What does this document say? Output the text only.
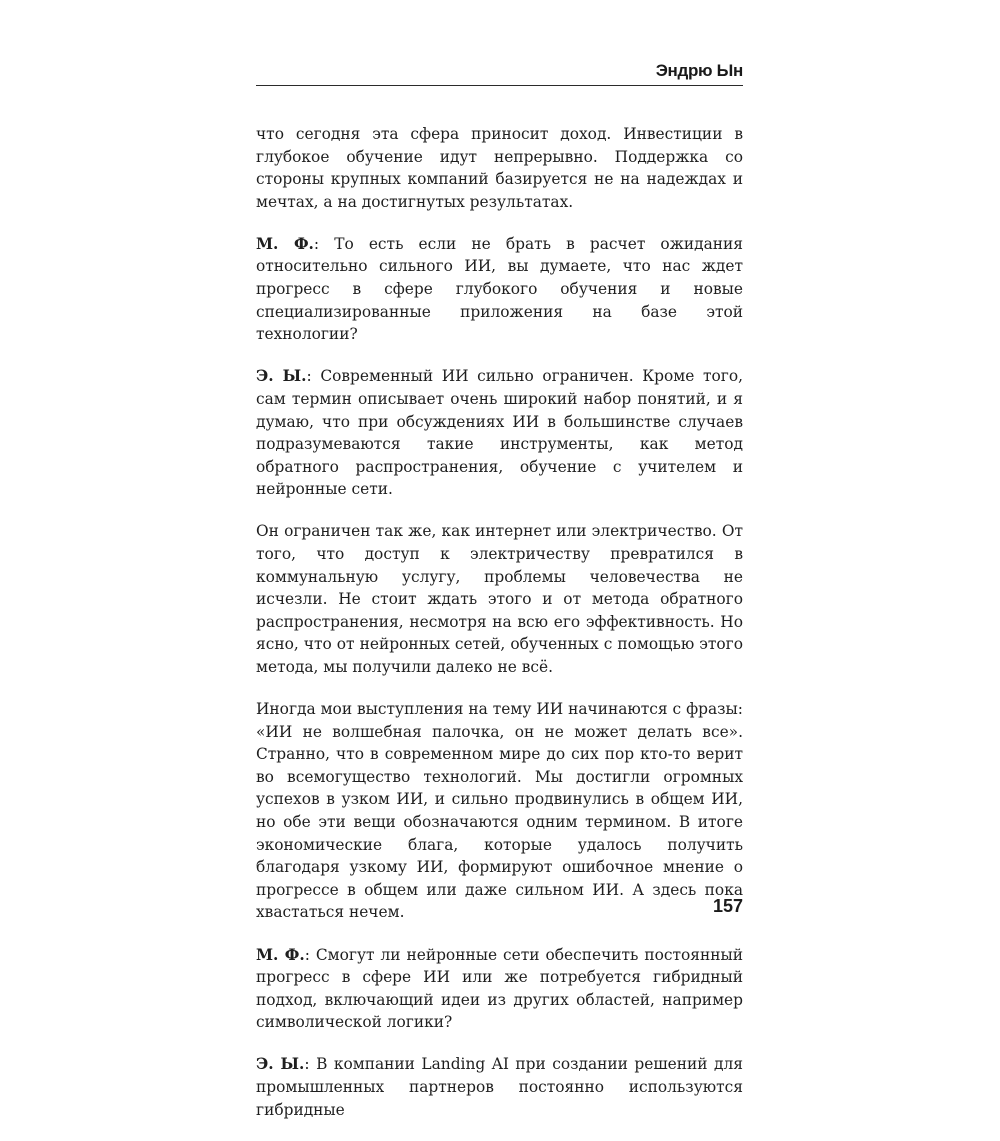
Эндрю Ын

что сегодня эта сфера приносит доход. Инвестиции в глубокое обучение идут непрерывно. Поддержка со стороны крупных компаний базируется не на надеждах и мечтах, а на достигнутых результатах.

М. Ф.: То есть если не брать в расчет ожидания относительно сильного ИИ, вы думаете, что нас ждет прогресс в сфере глубокого обучения и новые специализированные приложения на базе этой технологии?

Э. Ы.: Современный ИИ сильно ограничен. Кроме того, сам термин описывает очень широкий набор понятий, и я думаю, что при обсуждениях ИИ в большинстве случаев подразумеваются такие инструменты, как метод обратного распространения, обучение с учителем и нейронные сети.

Он ограничен так же, как интернет или электричество. От того, что доступ к электричеству превратился в коммунальную услугу, проблемы человечества не исчезли. Не стоит ждать этого и от метода обратного распространения, несмотря на всю его эффективность. Но ясно, что от нейронных сетей, обученных с помощью этого метода, мы получили далеко не всё.

Иногда мои выступления на тему ИИ начинаются с фразы: «ИИ не волшебная палочка, он не может делать все». Странно, что в современном мире до сих пор кто-то верит во всемогущество технологий. Мы достигли огромных успехов в узком ИИ, и сильно продвинулись в общем ИИ, но обе эти вещи обозначаются одним термином. В итоге экономические блага, которые удалось получить благодаря узкому ИИ, формируют ошибочное мнение о прогрессе в общем или даже сильном ИИ. А здесь пока хвастаться нечем.

М. Ф.: Смогут ли нейронные сети обеспечить постоянный прогресс в сфере ИИ или же потребуется гибридный подход, включающий идеи из других областей, например символической логики?

Э. Ы.: В компании Landing AI при создании решений для промышленных партнеров постоянно используются гибридные

157
